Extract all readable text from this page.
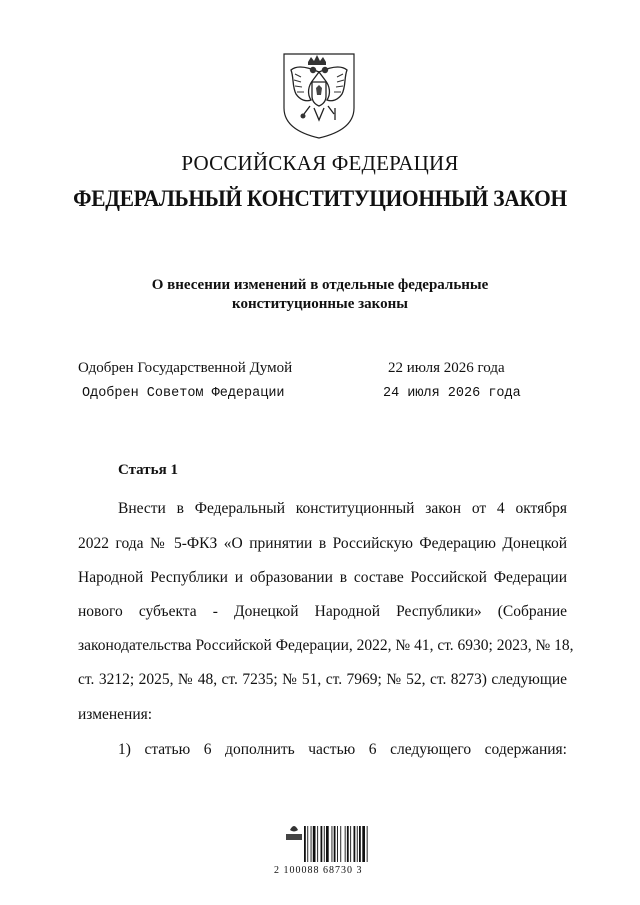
РОССИЙСКАЯ ФЕДЕРАЦИЯ
ФЕДЕРАЛЬНЫЙ КОНСТИТУЦИОННЫЙ ЗАКОН
О внесении изменений в отдельные федеральные
конституционные законы
Одобрен Государственной Думой	22 июля 2026 года
Одобрен Советом Федерации	24 июля 2026 года
Статья 1
Внести в Федеральный конституционный закон от 4 октября
2022 года № 5-ФКЗ «О принятии в Российскую Федерацию Донецкой
Народной Республики и образовании в составе Российской Федерации
нового субъекта - Донецкой Народной Республики» (Собрание
законодательства Российской Федерации, 2022, № 41, ст. 6930; 2023, № 18,
ст. 3212; 2025, № 48, ст. 7235; № 51, ст. 7969; № 52, ст. 8273) следующие
изменения:
1) статью 6 дополнить частью 6 следующего содержания:
2 100088 68730 3
